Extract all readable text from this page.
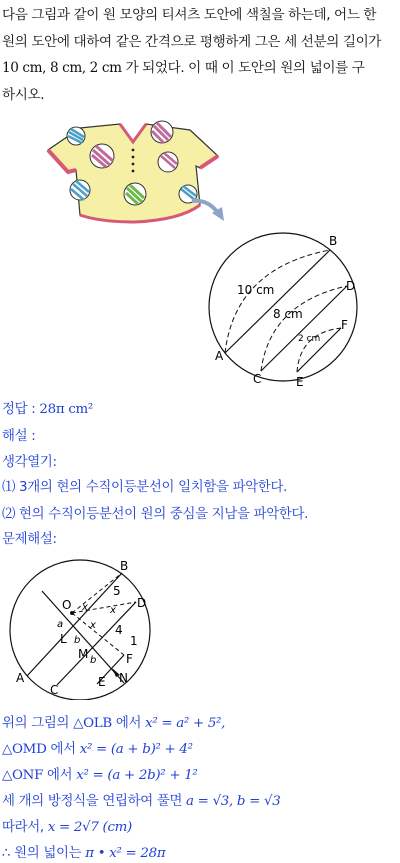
다음 그림과 같이 원 모양의 티셔츠 도안에 색칠을 하는데, 어느 한

원의 도안에 대하여 같은 간격으로 평행하게 그은 세 선분의 길이가

10 cm, 8 cm, 2 cm 가 되었다. 이 때 이 도안의 원의 넓이를 구

하시오.

B
D
F
E
C
A
10 cm
8 cm
2 cm
정답 : 28π cm²
해설 :
생각열기:
⑴ 3개의 현의 수직이등분선이 일치함을 파악한다.
⑵ 현의 수직이등분선이 원의 중심을 지남을 파악한다.
문제해설:
B
O	D
L
M
A
C
E N
F
5
4
1
x x
x
a
b
b
위의 그림의 △OLB 에서 x² = a² + 5²,
△OMD 에서 x² = (a + b)² + 4²
△ONF 에서 x² = (a + 2b)² + 1²
세 개의 방정식을 연립하여 풀면 a = √3, b = √3
따라서, x = 2√7 (cm)
∴ 원의 넓이는 π • x² = 28π
